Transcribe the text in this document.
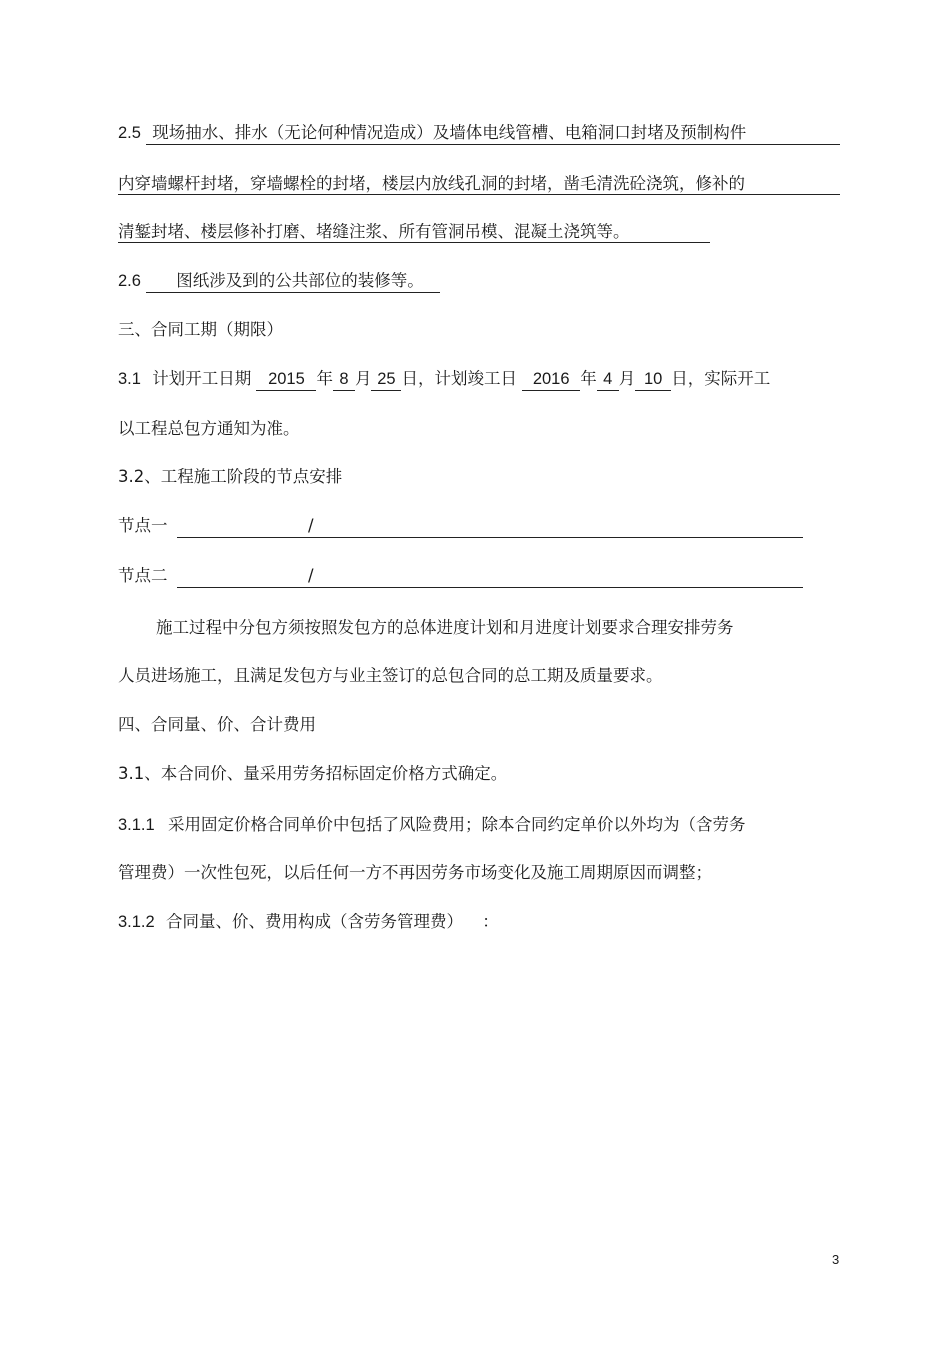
2.5 现场抽水、排水（无论何种情况造成）及墙体电线管槽、电箱洞口封堵及预制构件
内穿墙螺杆封堵，穿墙螺栓的封堵，楼层内放线孔洞的封堵，凿毛清洗砼浇筑，修补的
清錾封堵、楼层修补打磨、堵缝注浆、所有管洞吊模、混凝土浇筑等。
2.6 图纸涉及到的公共部位的装修等。
三、合同工期（期限）
3.1 计划开工日期 2015 年 8 月 25 日，计划竣工日 2016 年 4 月 10 日，实际开工
以工程总包方通知为准。
3.2、工程施工阶段的节点安排
节点一	/
节点二	/
施工过程中分包方须按照发包方的总体进度计划和月进度计划要求合理安排劳务
人员进场施工，且满足发包方与业主签订的总包合同的总工期及质量要求。
四、合同量、价、合计费用
3.1、本合同价、量采用劳务招标固定价格方式确定。
3.1.1 采用固定价格合同单价中包括了风险费用；除本合同约定单价以外均为（含劳务
管理费）一次性包死，以后任何一方不再因劳务市场变化及施工周期原因而调整；
3.1.2 合同量、价、费用构成（含劳务管理费） ：
3
